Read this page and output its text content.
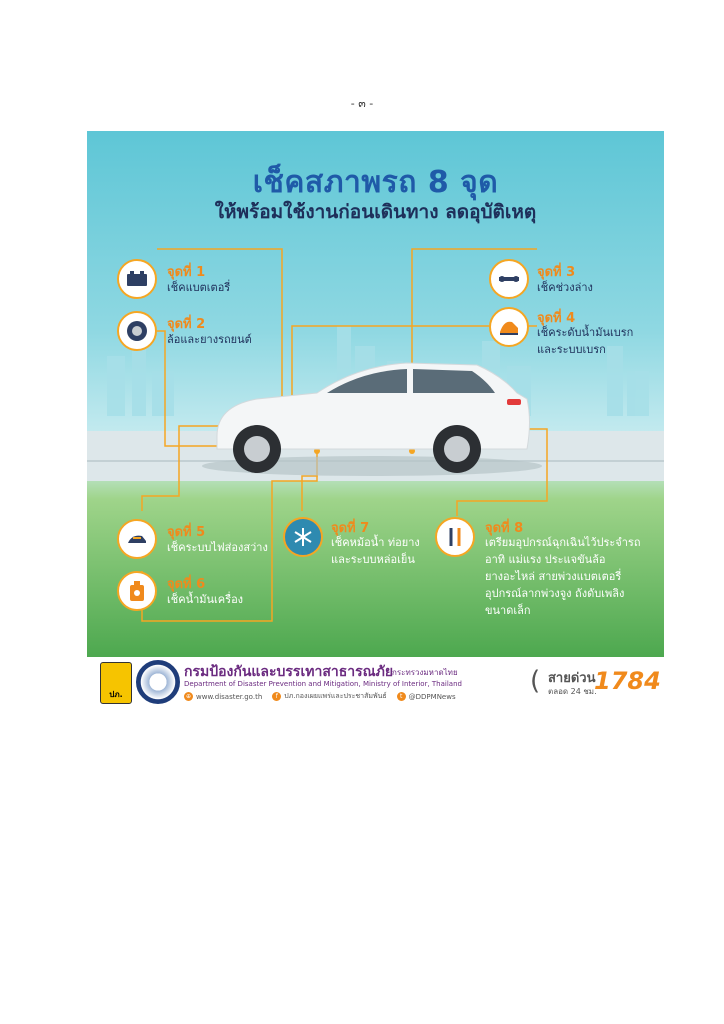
- ๓ -
เช็คสภาพรถ 8 จุด
ให้พร้อมใช้งานก่อนเดินทาง ลดอุบัติเหตุ
จุดที่ 1
เช็คแบตเตอรี่
จุดที่ 2
ล้อและยางรถยนต์
จุดที่ 3
เช็คช่วงล่าง
จุดที่ 4
เช็คระดับน้ำมันเบรก
และระบบเบรก
จุดที่ 5
เช็คระบบไฟส่องสว่าง
จุดที่ 6
เช็คน้ำมันเครื่อง
จุดที่ 7
เช็คหม้อน้ำ ท่อยาง
และระบบหล่อเย็น
จุดที่ 8
เตรียมอุปกรณ์ฉุกเฉินไว้ประจำรถ
อาทิ แม่แรง ประแจขันล้อ
ยางอะไหล่ สายพ่วงแบตเตอรี่
อุปกรณ์ลากพ่วงจูง ถังดับเพลิง
ขนาดเล็ก
ปภ.
กรมป้องกันและบรรเทาสาธารณภัย
กระทรวงมหาดไทย
Department of Disaster Prevention and Mitigation, Ministry of Interior, Thailand
⊕ www.disaster.go.th	f ปภ.กองเผยแพร่และประชาสัมพันธ์	t @DDPMNews
( สายด่วน
ตลอด 24 ชม.
1784
